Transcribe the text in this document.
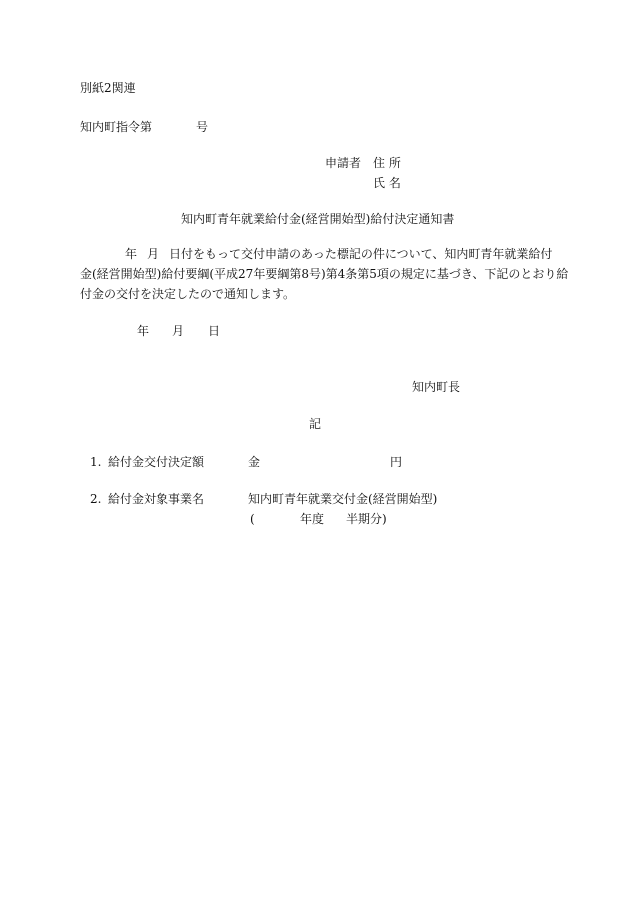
別紙2関連
知内町指令第	号
申請者 住 所
氏 名
知内町青年就業給付金(経営開始型)給付決定通知書
年 月 日付をもって交付申請のあった標記の件について、知内町青年就業給付
金(経営開始型)給付要綱(平成27年要綱第8号)第4条第5項の規定に基づき、下記のとおり給
付金の交付を決定したので通知します。
年 月 日
知内町長
記
1. 給付金交付決定額	金	円
2. 給付金対象事業名	知内町青年就業交付金(経営開始型)
(	年度 半期分)
